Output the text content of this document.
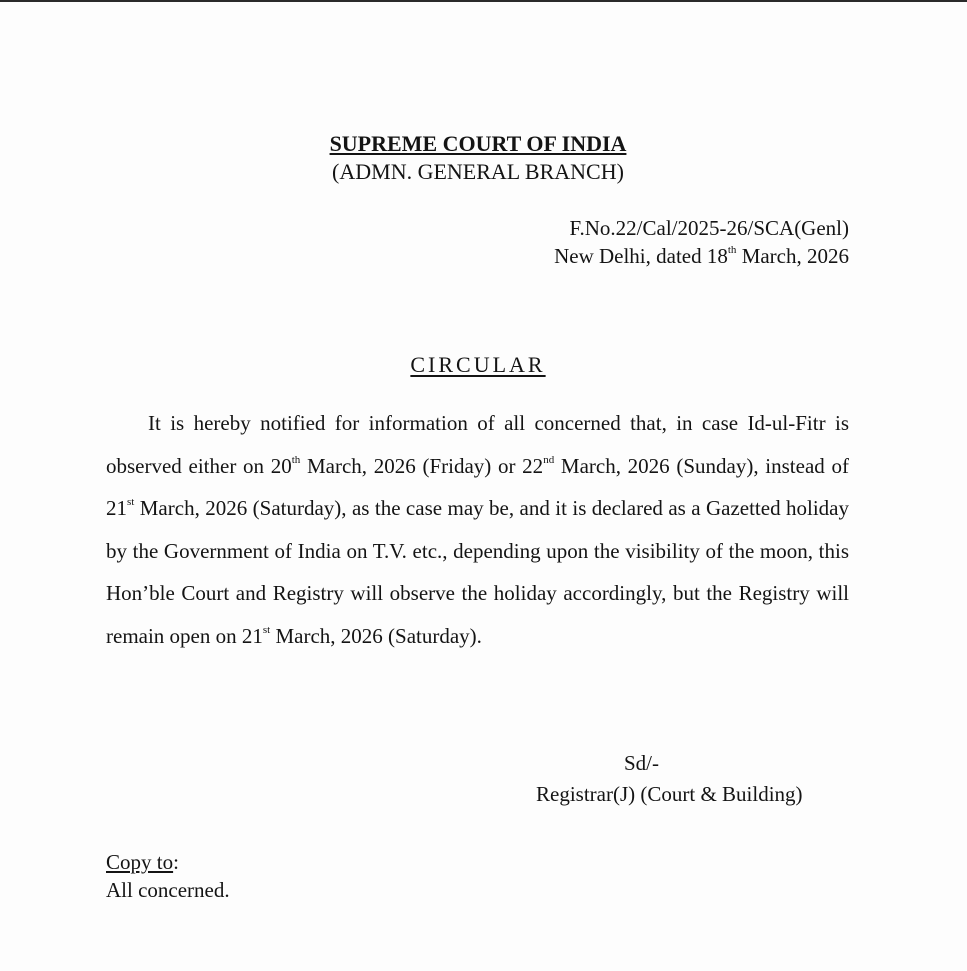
SUPREME COURT OF INDIA
(ADMN. GENERAL BRANCH)
F.No.22/Cal/2025-26/SCA(Genl)
New Delhi, dated 18th March, 2026
CIRCULAR

It is hereby notified for information of all concerned that, in case Id-ul-Fitr is observed either on 20th March, 2026 (Friday) or 22nd March, 2026 (Sunday), instead of 21st March, 2026 (Saturday), as the case may be, and it is declared as a Gazetted holiday by the Government of India on T.V. etc., depending upon the visibility of the moon, this Hon’ble Court and Registry will observe the holiday accordingly, but the Registry will remain open on 21st March, 2026 (Saturday).

Sd/-
Registrar(J) (Court & Building)
Copy to:
All concerned.
